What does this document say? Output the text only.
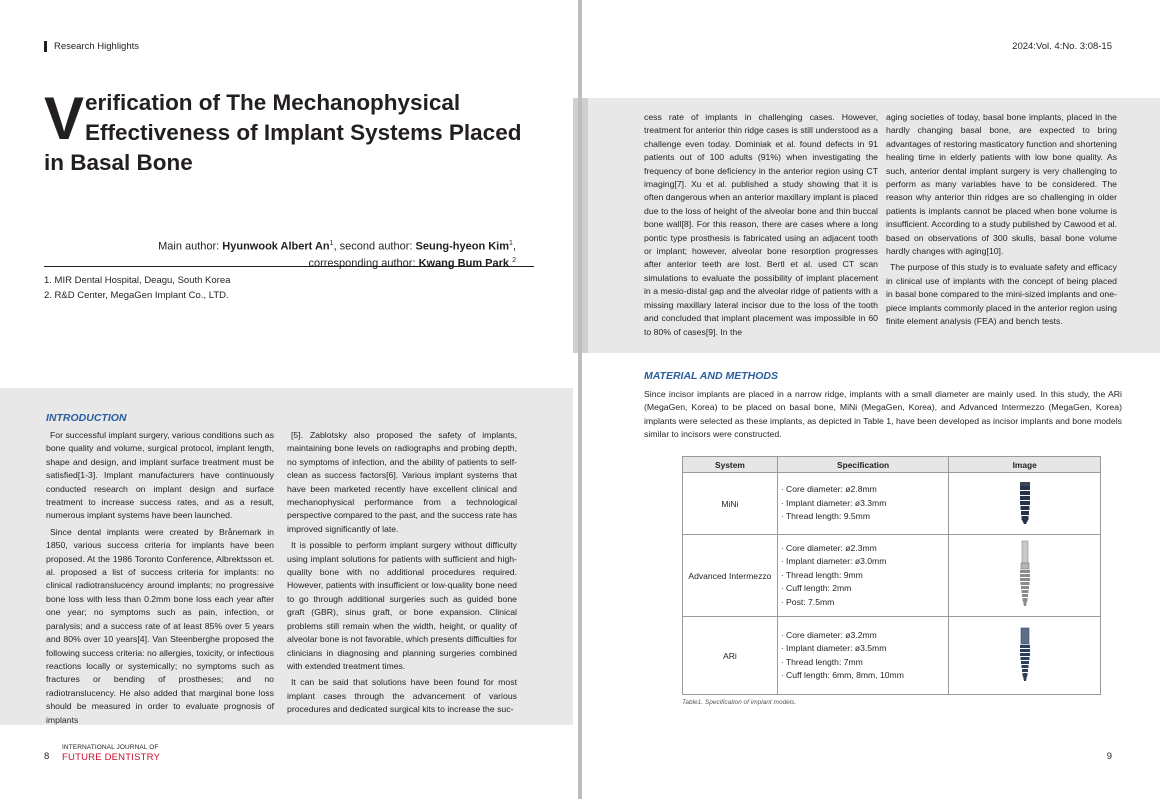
Research Highlights
Verification of The Mechanophysical Effectiveness of Implant Systems Placed in Basal Bone
Main author: Hyunwook Albert An$^1$, second author: Seung-hyeon Kim$^1$,
corresponding author: Kwang Bum Park $^2$
1. MIR Dental Hospital, Deagu, South Korea
2. R&D Center, MegaGen Implant Co., LTD.
INTRODUCTION

For successful implant surgery, various conditions such as bone quality and volume, surgical protocol, implant length, shape and design, and implant surface treatment must be satisfied[1-3]. Implant manufacturers have continuously conducted research on implant design and surface treatment to increase success rates, and as a result, numerous implant systems have been launched.

Since dental implants were created by Brånemark in 1850, various success criteria for implants have been proposed. At the 1986 Toronto Conference, Albrektsson et. al. proposed a list of success criteria for implants: no clinical radiotranslucency around implants; no progressive bone loss with less than 0.2mm bone loss each year after one year; no symptoms such as pain, infection, or paralysis; and a success rate of at least 85% over 5 years and 80% over 10 years[4]. Van Steenberghe proposed the following success criteria: no allergies, toxicity, or infectious reactions locally or systemically; no symptoms such as fractures or bending of prostheses; and no radiotranslucency. He also added that marginal bone loss should be measured in order to evaluate prognosis of implants

[5]. Zablotsky also proposed the safety of implants, maintaining bone levels on radiographs and probing depth, no symptoms of infection, and the ability of patients to self-clean as success factors[6]. Various implant systems that have been marketed recently have excellent clinical and mechanophysical performance from a technological perspective compared to the past, and the success rate has improved significantly of late.

It is possible to perform implant surgery without difficulty using implant solutions for patients with sufficient and high-quality bone with no additional procedures required. However, patients with insufficient or low-quality bone need to go through additional surgeries such as guided bone graft (GBR), sinus graft, or bone expansion. Clinical problems still remain when the width, height, or quality of alveolar bone is not favorable, which presents difficulties for clinicians in diagnosing and planning surgeries combined with extended treatment times.

It can be said that solutions have been found for most implant cases through the advancement of various procedures and dedicated surgical kits to increase the suc-

8
INTERNATIONAL JOURNAL OF
FUTURE DENTISTRY
2024:Vol. 4:No. 3:08-15

cess rate of implants in challenging cases. However, treatment for anterior thin ridge cases is still understood as a challenge even today. Dominiak et al. found defects in 91 patients out of 100 adults (91%) when investigating the frequency of bone deficiency in the anterior region using CT imaging[7]. Xu et al. published a study showing that it is often dangerous when an anterior maxillary implant is placed due to the loss of height of the alveolar bone and thin buccal bone wall[8]. For this reason, there are cases where a long pontic type prosthesis is fabricated using an adjacent tooth or implant; however, alveolar bone resorption progresses after anterior teeth are lost. Bertl et al. used CT scan simulations to evaluate the possibility of implant placement in a mesio-distal gap and the alveolar ridge of patients with a missing maxillary lateral incisor due to the loss of the tooth and concluded that implant placement was impossible in 60 to 80% of cases[9]. In the

aging societies of today, basal bone implants, placed in the hardly changing basal bone, are expected to bring advantages of restoring masticatory function and shortening healing time in elderly patients with low bone quality. As such, anterior dental implant surgery is very challenging to perform as many variables have to be considered. The reason why anterior thin ridges are so challenging in older patients is implants cannot be placed when bone volume is insufficient. According to a study published by Cawood et al. based on observations of 300 skulls, basal bone volume hardly changes with aging[10].

The purpose of this study is to evaluate safety and efficacy in clinical use of implants with the concept of being placed in basal bone compared to the mini-sized implants and one-piece implants commonly placed in the anterior region using finite element analysis (FEA) and bench tests.

MATERIAL AND METHODS
Since incisor implants are placed in a narrow ridge, implants with a small diameter are mainly used. In this study, the ARi (MegaGen, Korea) to be placed on basal bone, MiNi (MegaGen, Korea), and Advanced Intermezzo (MegaGen, Korea) implants were selected as these implants, as depicted in Table 1, have been developed as incisor implants and bone models similar to incisors were constructed.
System	Specification	Image
MiNi	· Core diameter: ø2.8mm
· Implant diameter: ø3.3mm
· Thread length: 9.5mm

Advanced Intermezzo	· Core diameter: ø2.3mm
· Implant diameter: ø3.0mm
· Thread length: 9mm
· Cuff length: 2mm
· Post: 7.5mm

ARi	· Core diameter: ø3.2mm
· Implant diameter: ø3.5mm
· Thread length: 7mm
· Cuff length: 6mm, 8mm, 10mm

Table1. Specification of implant models.
9
